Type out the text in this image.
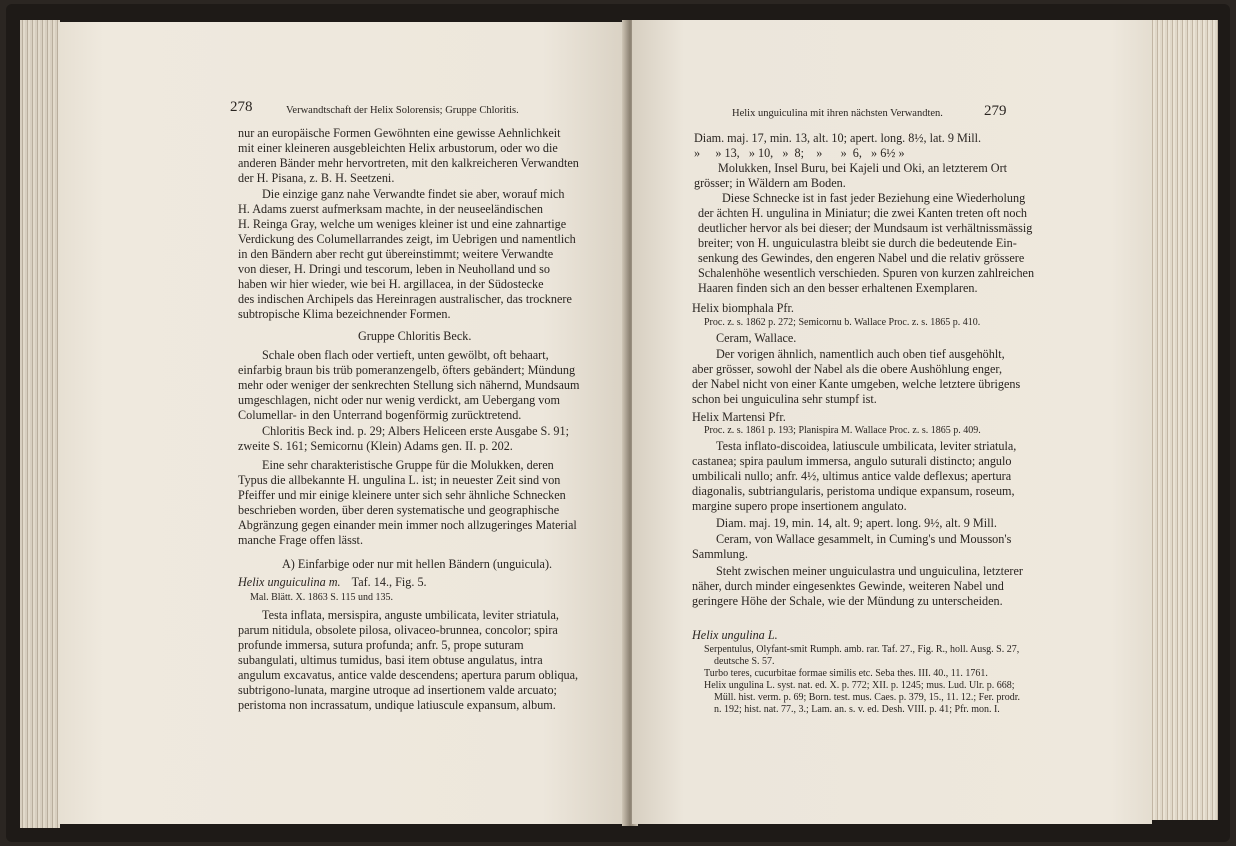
278	Verwandtschaft der Helix Solorensis; Gruppe Chloritis.
nur an europäische Formen Gewöhnten eine gewisse Aehnlichkeit
mit einer kleineren ausgebleichten Helix arbustorum, oder wo die
anderen Bänder mehr hervortreten, mit den kalkreicheren Verwandten
der H. Pisana, z. B. H. Seetzeni.
Die einzige ganz nahe Verwandte findet sie aber, worauf mich
H. Adams zuerst aufmerksam machte, in der neuseeländischen
H. Reinga Gray, welche um weniges kleiner ist und eine zahnartige
Verdickung des Columellarrandes zeigt, im Uebrigen und namentlich
in den Bändern aber recht gut übereinstimmt; weitere Verwandte
von dieser, H. Dringi und tescorum, leben in Neuholland und so
haben wir hier wieder, wie bei H. argillacea, in der Südostecke
des indischen Archipels das Hereinragen australischer, das trocknere
subtropische Klima bezeichnender Formen.
Gruppe Chloritis Beck.
Schale oben flach oder vertieft, unten gewölbt, oft behaart,
einfarbig braun bis trüb pomeranzengelb, öfters gebändert; Mündung
mehr oder weniger der senkrechten Stellung sich nähernd, Mundsaum
umgeschlagen, nicht oder nur wenig verdickt, am Uebergang vom
Columellar- in den Unterrand bogenförmig zurücktretend.
Chloritis Beck ind. p. 29; Albers Heliceen erste Ausgabe S. 91;
zweite S. 161; Semicornu (Klein) Adams gen. II. p. 202.
Eine sehr charakteristische Gruppe für die Molukken, deren
Typus die allbekannte H. ungulina L. ist; in neuester Zeit sind von
Pfeiffer und mir einige kleinere unter sich sehr ähnliche Schnecken
beschrieben worden, über deren systematische und geographische
Abgränzung gegen einander mein immer noch allzugeringes Material
manche Frage offen lässt.
A) Einfarbige oder nur mit hellen Bändern (unguicula).
Helix unguiculina m. Taf. 14., Fig. 5.
Mal. Blätt. X. 1863 S. 115 und 135.
Testa inflata, mersispira, anguste umbilicata, leviter striatula,
parum nitidula, obsolete pilosa, olivaceo-brunnea, concolor; spira
profunde immersa, sutura profunda; anfr. 5, prope suturam
subangulati, ultimus tumidus, basi item obtuse angulatus, intra
angulum excavatus, antice valde descendens; apertura parum obliqua,
subtrigono-lunata, margine utroque ad insertionem valde arcuato;
peristoma non incrassatum, undique latiuscule expansum, album.
Helix unguiculina mit ihren nächsten Verwandten.	279
Diam. maj. 17, min. 13, alt. 10; apert. long. 8½, lat. 9 Mill.
»     » 13,   » 10,   »  8;    »      »  6,   » 6½ »
Molukken, Insel Buru, bei Kajeli und Oki, an letzterem Ort
grösser; in Wäldern am Boden.
Diese Schnecke ist in fast jeder Beziehung eine Wiederholung
der ächten H. ungulina in Miniatur; die zwei Kanten treten oft noch
deutlicher hervor als bei dieser; der Mundsaum ist verhältnissmässig
breiter; von H. unguiculastra bleibt sie durch die bedeutende Ein-
senkung des Gewindes, den engeren Nabel und die relativ grössere
Schalenhöhe wesentlich verschieden. Spuren von kurzen zahlreichen
Haaren finden sich an den besser erhaltenen Exemplaren.
Helix biomphala Pfr.
Proc. z. s. 1862 p. 272; Semicornu b. Wallace Proc. z. s. 1865 p. 410.
Ceram, Wallace.
Der vorigen ähnlich, namentlich auch oben tief ausgehöhlt,
aber grösser, sowohl der Nabel als die obere Aushöhlung enger,
der Nabel nicht von einer Kante umgeben, welche letztere übrigens
schon bei unguiculina sehr stumpf ist.
Helix Martensi Pfr.
Proc. z. s. 1861 p. 193; Planispira M. Wallace Proc. z. s. 1865 p. 409.
Testa inflato-discoidea, latiuscule umbilicata, leviter striatula,
castanea; spira paulum immersa, angulo suturali distincto; angulo
umbilicali nullo; anfr. 4½, ultimus antice valde deflexus; apertura
diagonalis, subtriangularis, peristoma undique expansum, roseum,
margine supero prope insertionem angulato.
Diam. maj. 19, min. 14, alt. 9; apert. long. 9½, alt. 9 Mill.
Ceram, von Wallace gesammelt, in Cuming's und Mousson's
Sammlung.
Steht zwischen meiner unguiculastra und unguiculina, letzterer
näher, durch minder eingesenktes Gewinde, weiteren Nabel und
geringere Höhe der Schale, wie der Mündung zu unterscheiden.
Helix ungulina L.
Serpentulus, Olyfant-smit Rumph. amb. rar. Taf. 27., Fig. R., holl. Ausg. S. 27,
deutsche S. 57.
Turbo teres, cucurbitae formae similis etc. Seba thes. III. 40., 11. 1761.
Helix ungulina L. syst. nat. ed. X. p. 772; XII. p. 1245; mus. Lud. Ulr. p. 668;
Müll. hist. verm. p. 69; Born. test. mus. Caes. p. 379, 15., 11. 12.; Fer. prodr.
n. 192; hist. nat. 77., 3.; Lam. an. s. v. ed. Desh. VIII. p. 41; Pfr. mon. I.
